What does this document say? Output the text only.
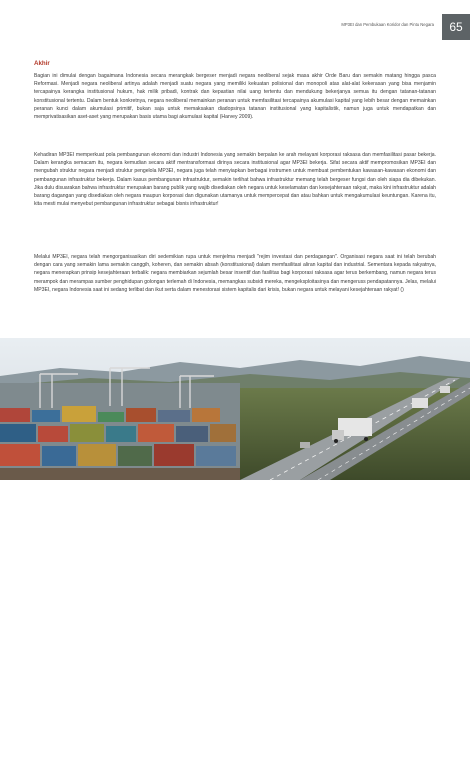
MP3EI dan Pembukaan Koridor dan Pintu Negara	65
Akhir

Bagian ini dimulai dengan bagaimana Indonesia secara merangkak bergeser menjadi negara neoliberal sejak masa akhir Orde Baru dan semakin matang hingga pasca Reformasi. Menjadi negara neoliberal artinya adalah menjadi suatu negara yang memiliki kekuatan polisional dan monopoli atas alat-alat kekerasan yang bisa menjamin tercapainya kerangka institusional hukum, hak milik pribadi, kontrak dan kepastian nilai uang tertentu dan mendukung bekerjanya semua itu dengan tatanan-tatanan konstitusional tertentu. Dalam bentuk konkretnya, negara neoliberal memainkan peranan untuk memfasilitasi tercapainya akumulasi kapital yang lebih besar dengan memainkan peranan kunci dalam akumulasi primitif, bukan saja untuk memaksakan diadopsinya tatanan institusional yang kapitalistik, namun juga untuk mendapatkan dan memprivatisasikan aset-aset yang merupakan basis utama bagi akumulasi kapital (Harvey 2009).

Kehadiran MP3EI memperkuat pola pembangunan ekonomi dan industri Indonesia yang semakin berpalan ke arah melayani korporasi raksasa dan memfasilitasi pasar bekerja. Dalam kerangka semacam itu, negara kemudian secara aktif mentransformasi dirinya secara institusional agar MP3EI bekerja. Sifat secara aktif mempromosikan MP3EI dan mengubah struktur negara menjadi struktur pengelola MP3EI, negara juga telah menyiapkan berbagai instrumen untuk membuat pembentukan kawasan-kawasan ekonomi dan pembangunan infrastruktur bekerja. Dalam kasus pembangunan infrastruktur, semakin terlihat bahwa infrastruktur memang telah bergeser fungsi dan oleh siapa dia dibekukan. Jika dulu disuarakan bahwa infrastruktur merupakan barang publik yang wajib disediakan oleh negara untuk keselamatan dan kesejahteraan rakyat, maka kini infrastruktur adalah barang dagangan yang disediakan oleh negara maupun korporasi dan digunakan utamanya untuk mempercepat dan atau bahkan untuk mengakumulasi keuntungan. Karena itu, kita mesti mulai menyebut pembangunan infrastruktur sebagai bisnis infrastruktur!

Melalui MP3EI, negara telah mengorganisasikan diri sedemikian rupa untuk menjelma menjadi "rejim investasi dan perdagangan". Organisasi negara saat ini telah berubah dengan cara yang semakin lama semakin canggih, koheren, dan semakin absah (konstitusional) dalam memfasilitasi aliran kapital dan industrial. Sementara kepada rakyatnya, negara menerapkan prinsip kesejahteraan terbalik: negara membiarkan sejumlah besar insentif dan fasilitas bagi korporasi raksasa agar terus berkembang, namun negara terus merampok dan merampas sumber penghidupan golongan terlemah di Indonesia, memangkas subsidi mereka, mengeksploitasinya dan mengeruss pendapatannya. Jelas, melalui MP3EI, negara Indonesia saat ini sedang terlibat dan ikut serta dalam menestorasi sistem kapitalis dari krisis, bukan negara untuk melayani kesejahteraan rakyat! ()

Pelabuhan Belawan
Sumber:myantaraimages.blogspot.com
Jalan Tol TROPPI
Sumber: myanmarimages.com
